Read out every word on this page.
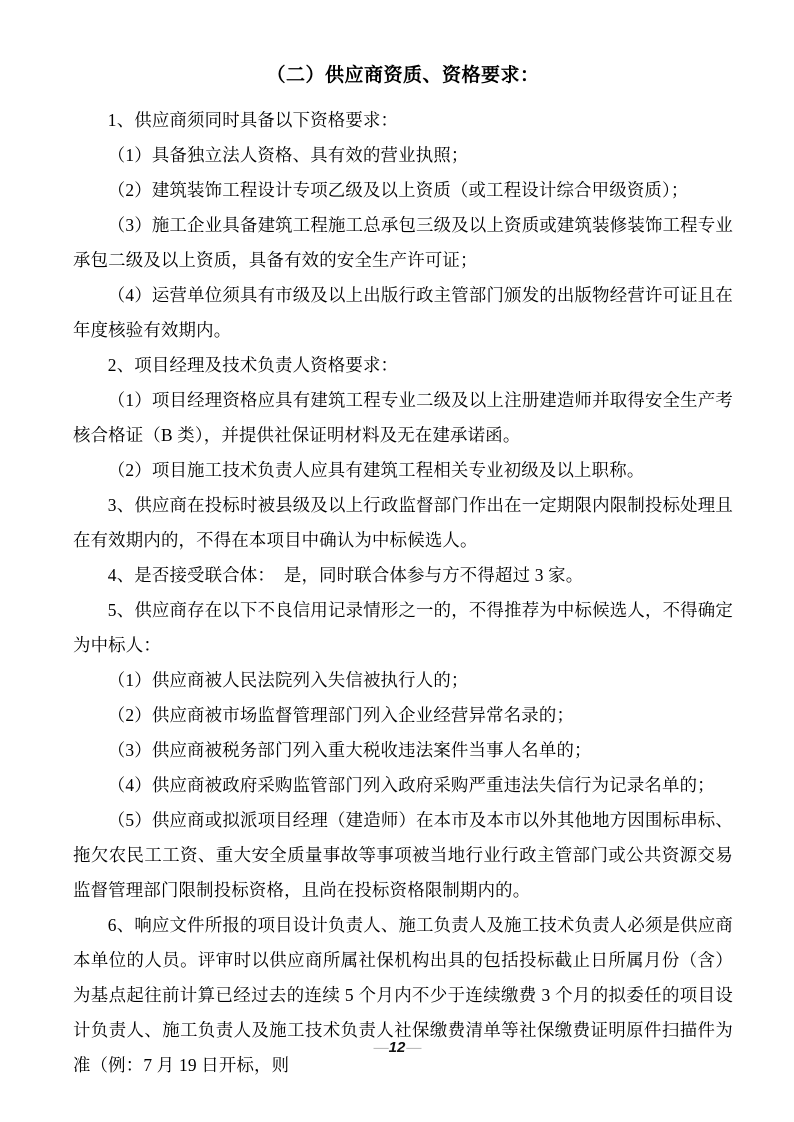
（二）供应商资质、资格要求：

1、供应商须同时具备以下资格要求：

（1）具备独立法人资格、具有效的营业执照；

（2）建筑装饰工程设计专项乙级及以上资质（或工程设计综合甲级资质）；

（3）施工企业具备建筑工程施工总承包三级及以上资质或建筑装修装饰工程专业承包二级及以上资质，具备有效的安全生产许可证；

（4）运营单位须具有市级及以上出版行政主管部门颁发的出版物经营许可证且在年度核验有效期内。

2、项目经理及技术负责人资格要求：

（1）项目经理资格应具有建筑工程专业二级及以上注册建造师并取得安全生产考核合格证（B 类），并提供社保证明材料及无在建承诺函。

（2）项目施工技术负责人应具有建筑工程相关专业初级及以上职称。

3、供应商在投标时被县级及以上行政监督部门作出在一定期限内限制投标处理且在有效期内的，不得在本项目中确认为中标候选人。

4、是否接受联合体：　是，同时联合体参与方不得超过 3 家。

5、供应商存在以下不良信用记录情形之一的，不得推荐为中标候选人，不得确定为中标人：

（1）供应商被人民法院列入失信被执行人的；

（2）供应商被市场监督管理部门列入企业经营异常名录的；

（3）供应商被税务部门列入重大税收违法案件当事人名单的；

（4）供应商被政府采购监管部门列入政府采购严重违法失信行为记录名单的；

（5）供应商或拟派项目经理（建造师）在本市及本市以外其他地方因围标串标、拖欠农民工工资、重大安全质量事故等事项被当地行业行政主管部门或公共资源交易监督管理部门限制投标资格，且尚在投标资格限制期内的。

6、响应文件所报的项目设计负责人、施工负责人及施工技术负责人必须是供应商本单位的人员。评审时以供应商所属社保机构出具的包括投标截止日所属月份（含）为基点起往前计算已经过去的连续 5 个月内不少于连续缴费 3 个月的拟委任的项目设计负责人、施工负责人及施工技术负责人社保缴费清单等社保缴费证明原件扫描件为准（例：7 月 19 日开标，则

—12—
